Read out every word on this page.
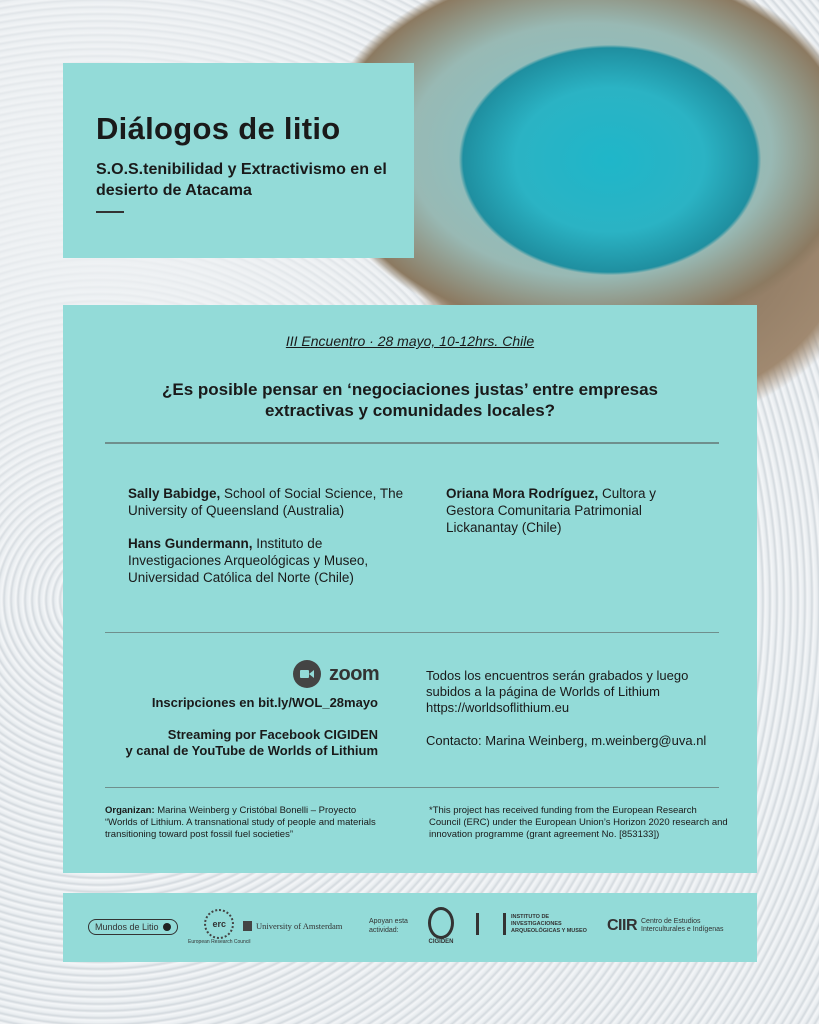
Diálogos de litio

S.O.S.tenibilidad y Extractivismo en el desierto de Atacama

III Encuentro · 28 mayo, 10-12hrs. Chile

¿Es posible pensar en ‘negociaciones justas’ entre empresas extractivas y comunidades locales?

Sally Babidge, School of Social Science, The University of Queensland (Australia)
Hans Gundermann, Instituto de Investigaciones Arqueológicas y Museo, Universidad Católica del Norte (Chile)
Oriana Mora Rodríguez, Cultora y Gestora Comunitaria Patrimonial Lickanantay (Chile)
zoom
Inscripciones en bit.ly/WOL_28mayo
Streaming por Facebook CIGIDEN
y canal de YouTube de Worlds of Lithium
Todos los encuentros serán grabados y luego subidos a la página de Worlds of Lithium https://worldsoflithium.eu
Contacto: Marina Weinberg, m.weinberg@uva.nl
Organizan: Marina Weinberg y Cristóbal Bonelli – Proyecto “Worlds of Lithium. A transnational study of people and materials transitioning toward post fossil fuel societies”
*This project has received funding from the European Research Council (ERC) under the European Union’s Horizon 2020 research and innovation programme (grant agreement No. [853133])
Mundos de Litio	erc
European Research Council
University of Amsterdam	Apoyan esta actividad:
CIGIDEN
INSTITUTO DE INVESTIGACIONES ARQUEOLÓGICAS Y MUSEO CIIR Centro de Estudios Interculturales e Indígenas
